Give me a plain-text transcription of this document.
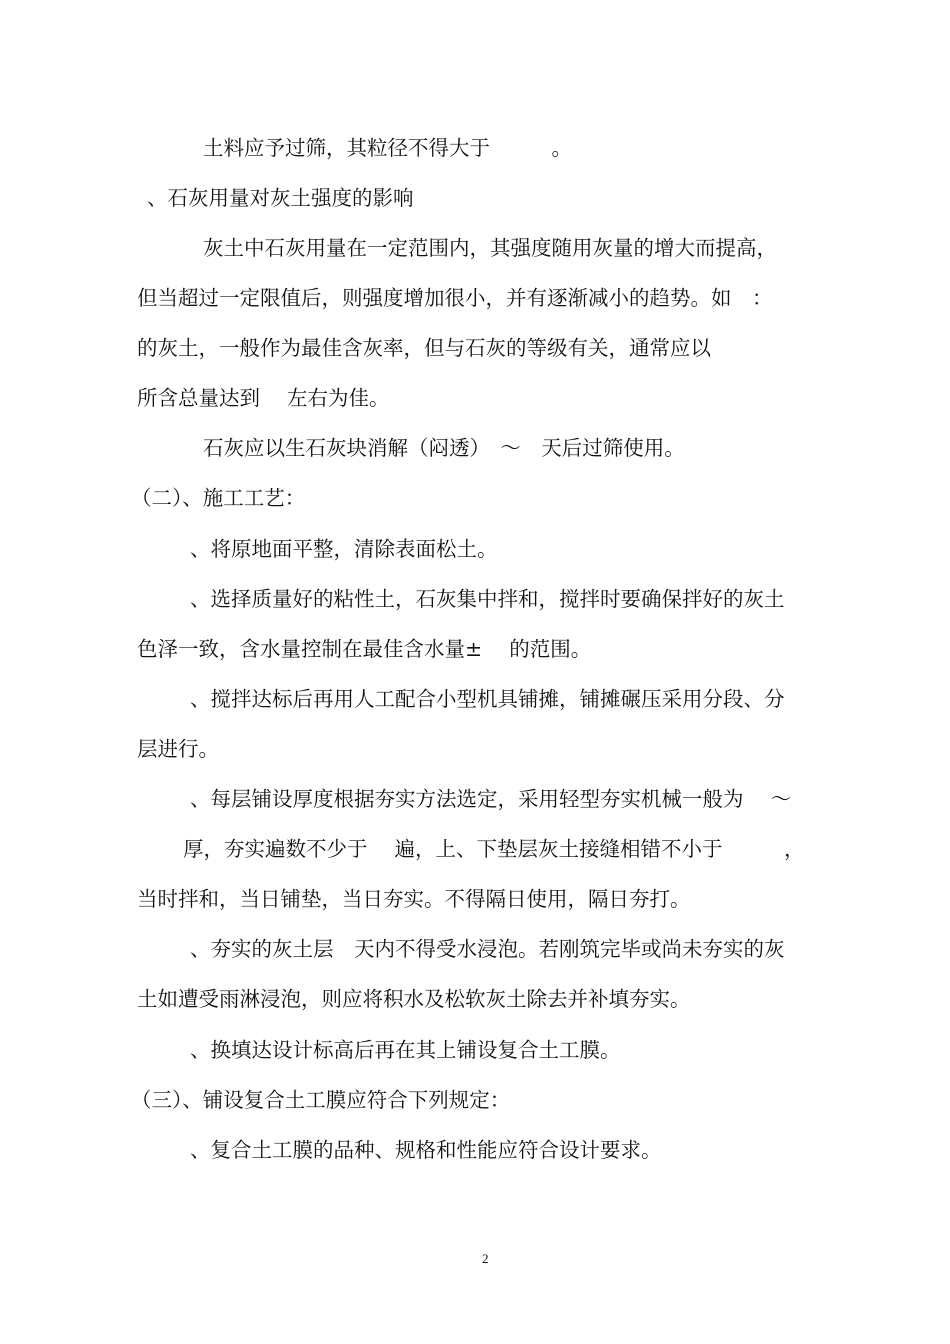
土料应予过筛，其粒径不得大于　　　。

、石灰用量对灰土强度的影响

灰土中石灰用量在一定范围内，其强度随用灰量的增大而提高，

但当超过一定限值后，则强度增加很小，并有逐渐减小的趋势。如　：

的灰土，一般作为最佳含灰率，但与石灰的等级有关，通常应以

所含总量达到　 左右为佳。

石灰应以生石灰块消解（闷透）　～　天后过筛使用。

（二）、施工工艺：

、将原地面平整，清除表面松土。

、选择质量好的粘性土，石灰集中拌和，搅拌时要确保拌好的灰土

色泽一致，含水量控制在最佳含水量±　 的范围。

、搅拌达标后再用人工配合小型机具铺摊，铺摊碾压采用分段、分

层进行。

、每层铺设厚度根据夯实方法选定，采用轻型夯实机械一般为　 ～

厚，夯实遍数不少于　 遍，上、下垫层灰土接缝相错不小于　　　，

当时拌和，当日铺垫，当日夯实。不得隔日使用，隔日夯打。

、夯实的灰土层　天内不得受水浸泡。若刚筑完毕或尚未夯实的灰

土如遭受雨淋浸泡，则应将积水及松软灰土除去并补填夯实。

、换填达设计标高后再在其上铺设复合土工膜。

（三）、铺设复合土工膜应符合下列规定：

、复合土工膜的品种、规格和性能应符合设计要求。

2
